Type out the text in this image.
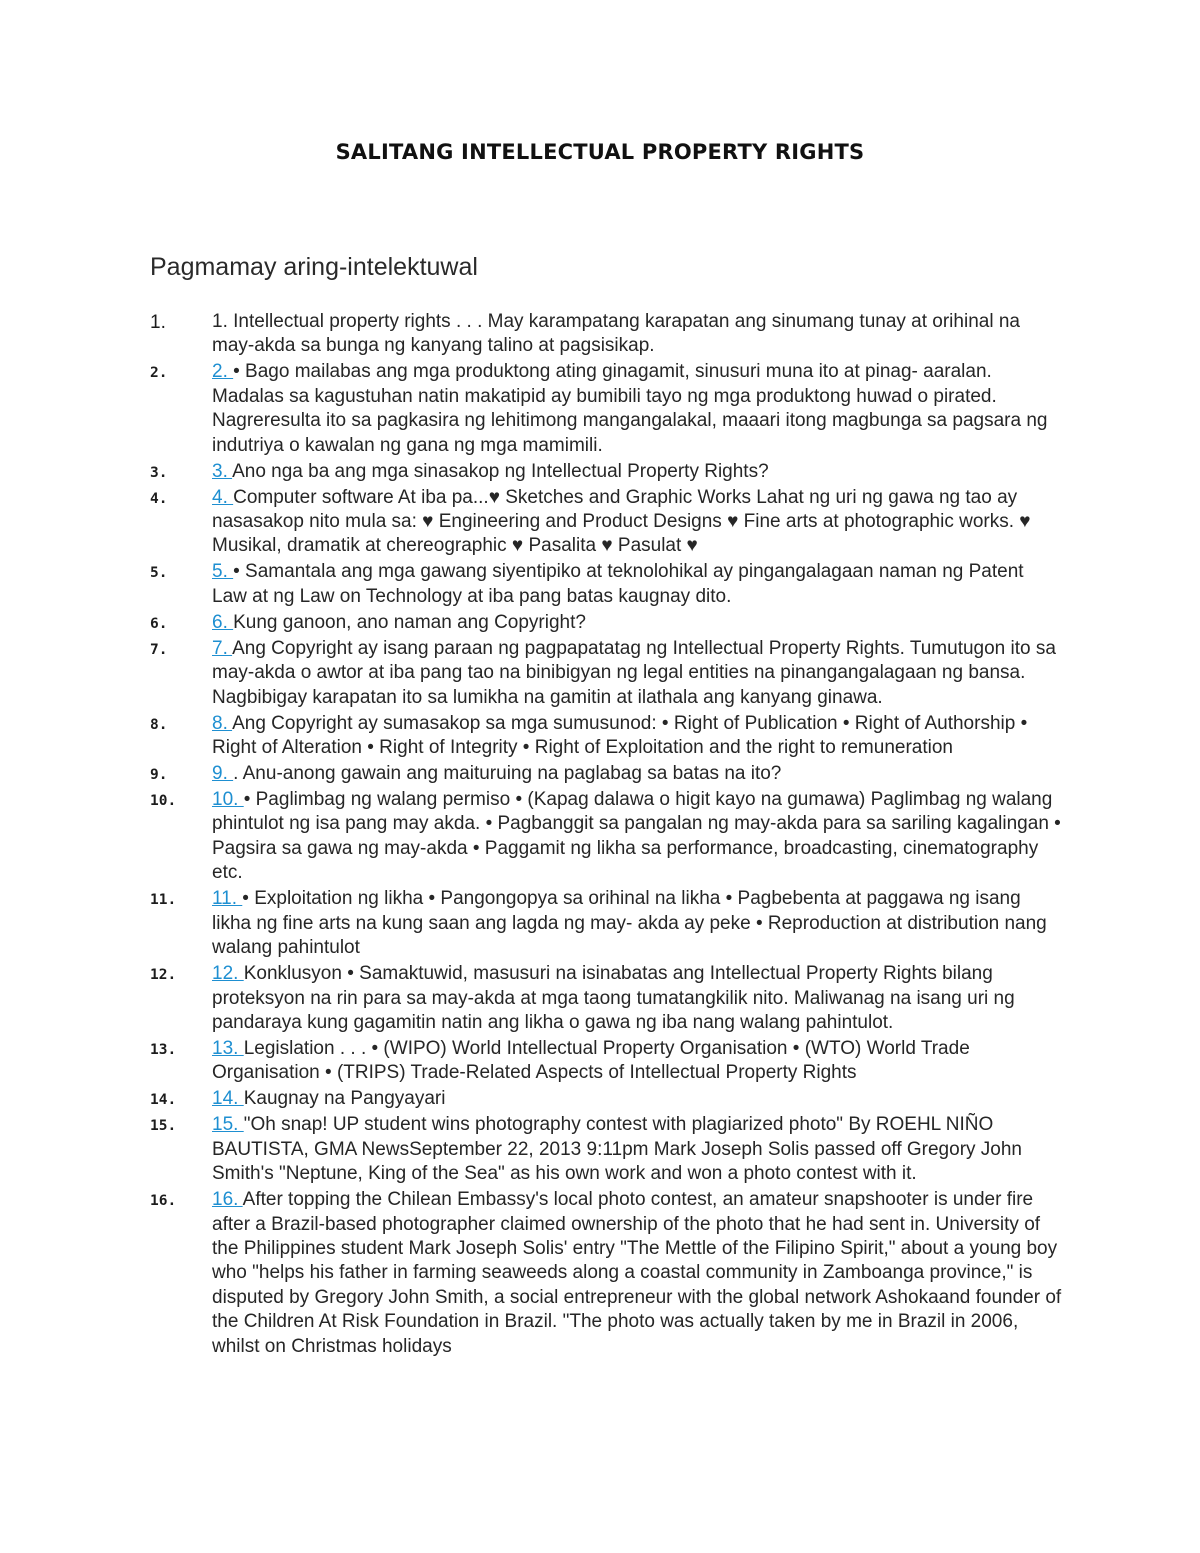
SALITANG INTELLECTUAL PROPERTY RIGHTS
Pagmamay aring-intelektuwal
1.	1. Intellectual property rights . . . May karampatang karapatan ang sinumang tunay at orihinal na may-akda sa bunga ng kanyang talino at pagsisikap.
2.	2. • Bago mailabas ang mga produktong ating ginagamit, sinusuri muna ito at pinag- aaralan. Madalas sa kagustuhan natin makatipid ay bumibili tayo ng mga produktong huwad o pirated. Nagreresulta ito sa pagkasira ng lehitimong mangangalakal, maaari itong magbunga sa pagsara ng indutriya o kawalan ng gana ng mga mamimili.
3.	3. Ano nga ba ang mga sinasakop ng Intellectual Property Rights?
4.	4. Computer software At iba pa...♥ Sketches and Graphic Works Lahat ng uri ng gawa ng tao ay nasasakop nito mula sa: ♥ Engineering and Product Designs ♥ Fine arts at photographic works. ♥ Musikal, dramatik at chereographic ♥ Pasalita ♥ Pasulat ♥
5.	5. • Samantala ang mga gawang siyentipiko at teknolohikal ay pingangalagaan naman ng Patent Law at ng Law on Technology at iba pang batas kaugnay dito.
6.	6. Kung ganoon, ano naman ang Copyright?
7.	7. Ang Copyright ay isang paraan ng pagpapatatag ng Intellectual Property Rights. Tumutugon ito sa may-akda o awtor at iba pang tao na binibigyan ng legal entities na pinangangalagaan ng bansa. Nagbibigay karapatan ito sa lumikha na gamitin at ilathala ang kanyang ginawa.
8.	8. Ang Copyright ay sumasakop sa mga sumusunod: • Right of Publication • Right of Authorship • Right of Alteration • Right of Integrity • Right of Exploitation and the right to remuneration
9.	9. . Anu-anong gawain ang maituruing na paglabag sa batas na ito?
10.	10. • Paglimbag ng walang permiso • (Kapag dalawa o higit kayo na gumawa) Paglimbag ng walang phintulot ng isa pang may akda. • Pagbanggit sa pangalan ng may-akda para sa sariling kagalingan • Pagsira sa gawa ng may-akda • Paggamit ng likha sa performance, broadcasting, cinematography etc.
11.	11. • Exploitation ng likha • Pangongopya sa orihinal na likha • Pagbebenta at paggawa ng isang likha ng fine arts na kung saan ang lagda ng may- akda ay peke • Reproduction at distribution nang walang pahintulot
12.	12. Konklusyon • Samaktuwid, masusuri na isinabatas ang Intellectual Property Rights bilang proteksyon na rin para sa may-akda at mga taong tumatangkilik nito. Maliwanag na isang uri ng pandaraya kung gagamitin natin ang likha o gawa ng iba nang walang pahintulot.
13.	13. Legislation . . . • (WIPO) World Intellectual Property Organisation • (WTO) World Trade Organisation • (TRIPS) Trade-Related Aspects of Intellectual Property Rights
14.	14. Kaugnay na Pangyayari
15.	15. "Oh snap! UP student wins photography contest with plagiarized photo" By ROEHL NIÑO BAUTISTA, GMA NewsSeptember 22, 2013 9:11pm Mark Joseph Solis passed off Gregory John Smith's "Neptune, King of the Sea" as his own work and won a photo contest with it.
16.	16. After topping the Chilean Embassy's local photo contest, an amateur snapshooter is under fire after a Brazil-based photographer claimed ownership of the photo that he had sent in. University of the Philippines student Mark Joseph Solis' entry "The Mettle of the Filipino Spirit," about a young boy who "helps his father in farming seaweeds along a coastal community in Zamboanga province," is disputed by Gregory John Smith, a social entrepreneur with the global network Ashokaand founder of the Children At Risk Foundation in Brazil. "The photo was actually taken by me in Brazil in 2006, whilst on Christmas holidays
